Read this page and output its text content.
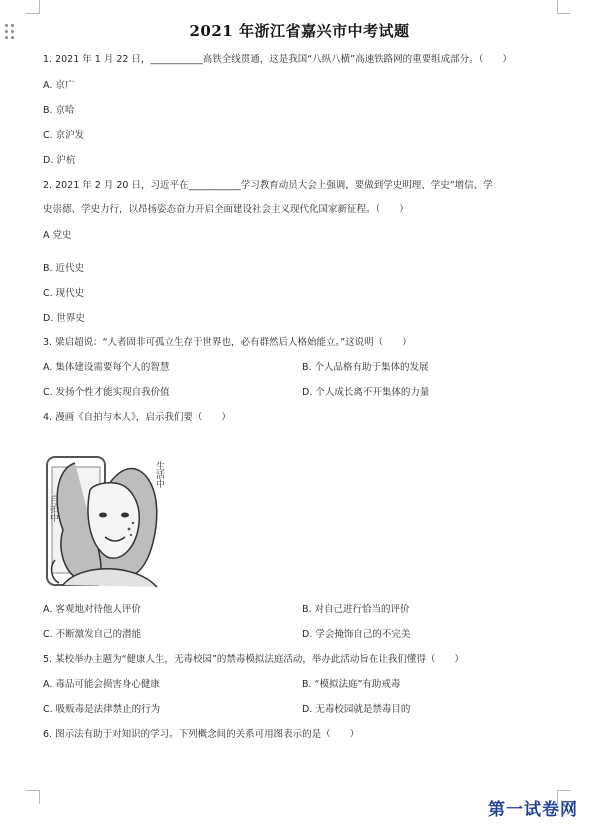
2021 年浙江省嘉兴市中考试题
1. 2021 年 1 月 22 日，___________高铁全线贯通，这是我国“八纵八横”高速铁路网的重要组成部分。（　　）
A. 京广
B. 京哈
C. 京沪发
D. 沪杭
2. 2021 年 2 月 20 日，习近平在___________学习教育动员大会上强调，要做到学史明理、学史”增信、学
史崇德、学史力行，以昂扬姿态奋力开启全面建设社会主义现代化国家新征程。（　　）
A 党史
B. 近代史
C. 现代史
D. 世界史
3. 梁启超说：“人者固非可孤立生存于世界也，必有群然后人格始能立。”这说明（　　）
A. 集体建设需要每个人的智慧	B. 个人品格有助于集体的发展
C. 发扬个性才能实现自我价值	D. 个人成长离不开集体的力量
4. 漫画《自拍与本人》，启示我们要（　　）
自拍中
生活中
A. 客观地对待他人评价	B. 对自己进行恰当的评价
C. 不断激发自己的潜能	D. 学会掩饰自己的不完美
5. 某校举办主题为“健康人生，无毒校园”的禁毒模拟法庭活动，举办此活动旨在让我们懂得（　　）
A. 毒品可能会损害身心健康	B. “模拟法庭”有助戒毒
C. 吸贩毒是法律禁止的行为	D. 无毒校园就是禁毒目的
6. 图示法有助于对知识的学习。下列概念间的关系可用图表示的是（　　）
第一试卷网
